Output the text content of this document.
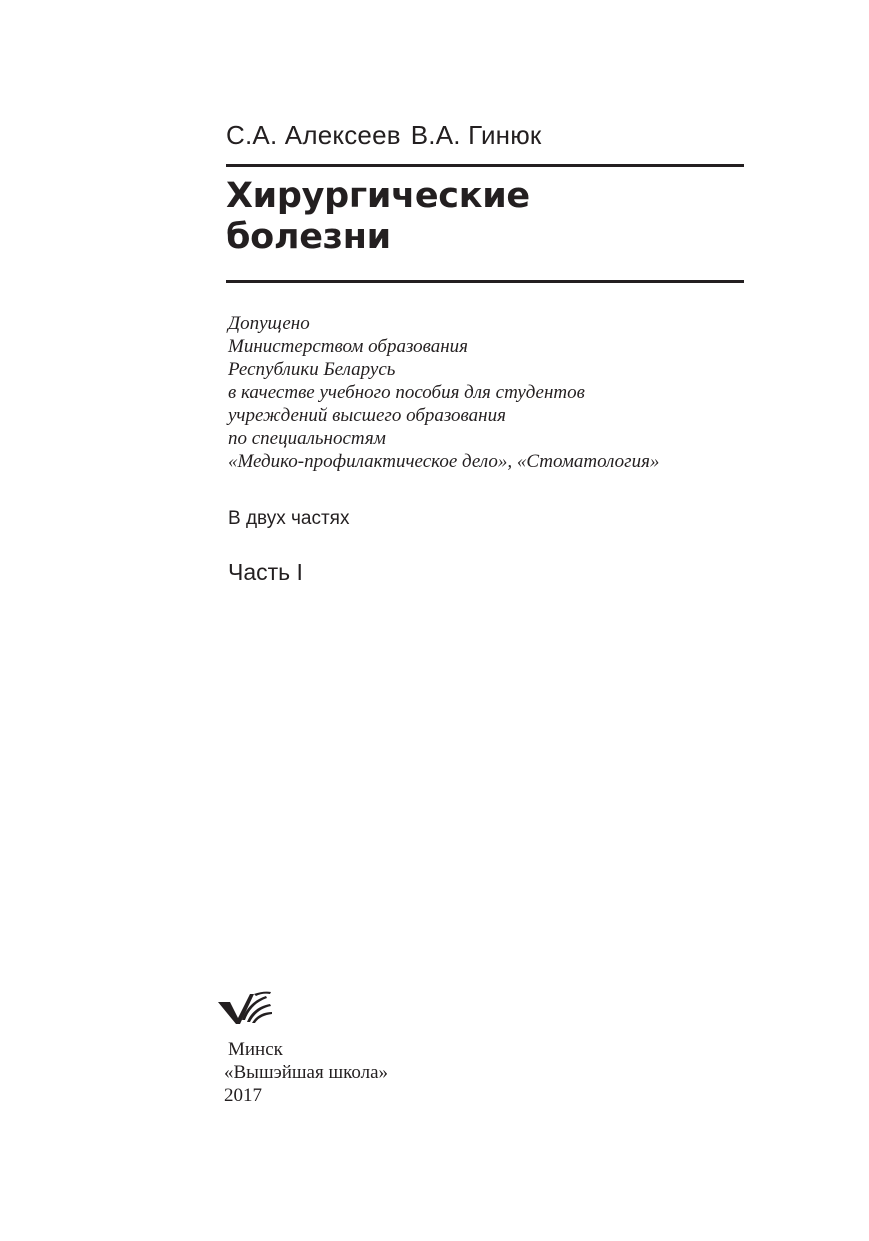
С.А. Алексеев В.А. Гинюк
Хирургические
болезни
Допущено
Министерством образования
Республики Беларусь
в качестве учебного пособия для студентов
учреждений высшего образования
по специальностям
«Медико-профилактическое дело», «Стоматология»
В двух частях
Часть I
Минск
«Вышэйшая школа»
2017
